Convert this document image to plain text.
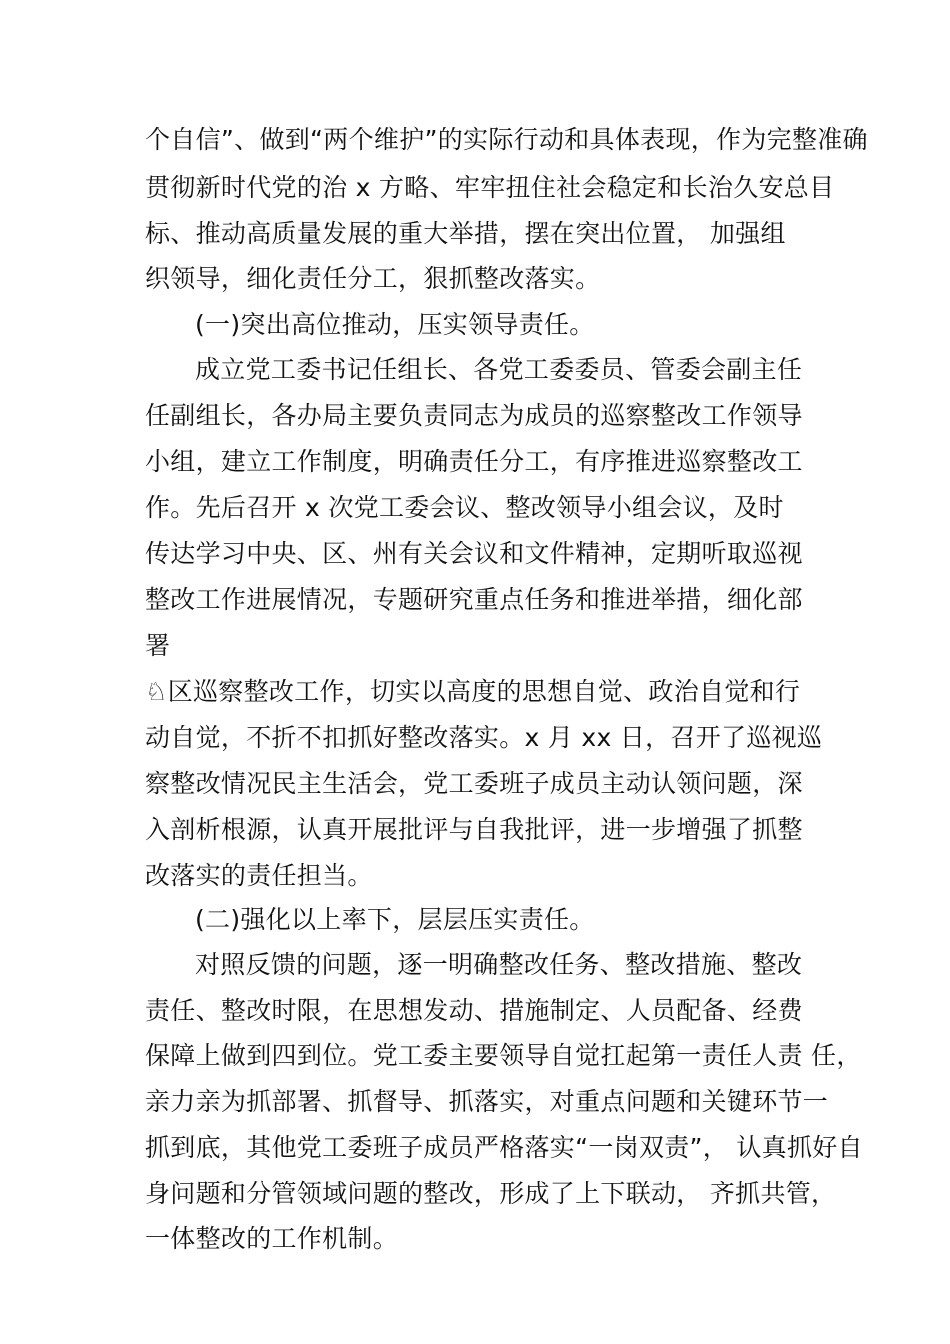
个自信”、做到“两个维护”的实际行动和具体表现，作为完整准确
贯彻新时代党的治 x 方略、牢牢扭住社会稳定和长治久安总目
标、推动高质量发展的重大举措，摆在突出位置， 加强组
织领导，细化责任分工，狠抓整改落实。
(一)突出高位推动，压实领导责任。
成立党工委书记任组长、各党工委委员、管委会副主任
任副组长，各办局主要负责同志为成员的巡察整改工作领导
小组，建立工作制度，明确责任分工，有序推进巡察整改工
作。先后召开 x 次党工委会议、整改领导小组会议，及时
传达学习中央、区、州有关会议和文件精神，定期听取巡视
整改工作进展情况，专题研究重点任务和推进举措，细化部
署
♘区巡察整改工作，切实以高度的思想自觉、政治自觉和行
动自觉，不折不扣抓好整改落实。x 月 xx 日，召开了巡视巡
察整改情况民主生活会，党工委班子成员主动认领问题，深
入剖析根源，认真开展批评与自我批评，进一步增强了抓整
改落实的责任担当。
(二)强化以上率下，层层压实责任。
对照反馈的问题，逐一明确整改任务、整改措施、整改
责任、整改时限，在思想发动、措施制定、人员配备、经费
保障上做到四到位。党工委主要领导自觉扛起第一责任人责 任，
亲力亲为抓部署、抓督导、抓落实，对重点问题和关键环节一
抓到底，其他党工委班子成员严格落实“一岗双责”， 认真抓好自
身问题和分管领域问题的整改，形成了上下联动， 齐抓共管，
一体整改的工作机制。
